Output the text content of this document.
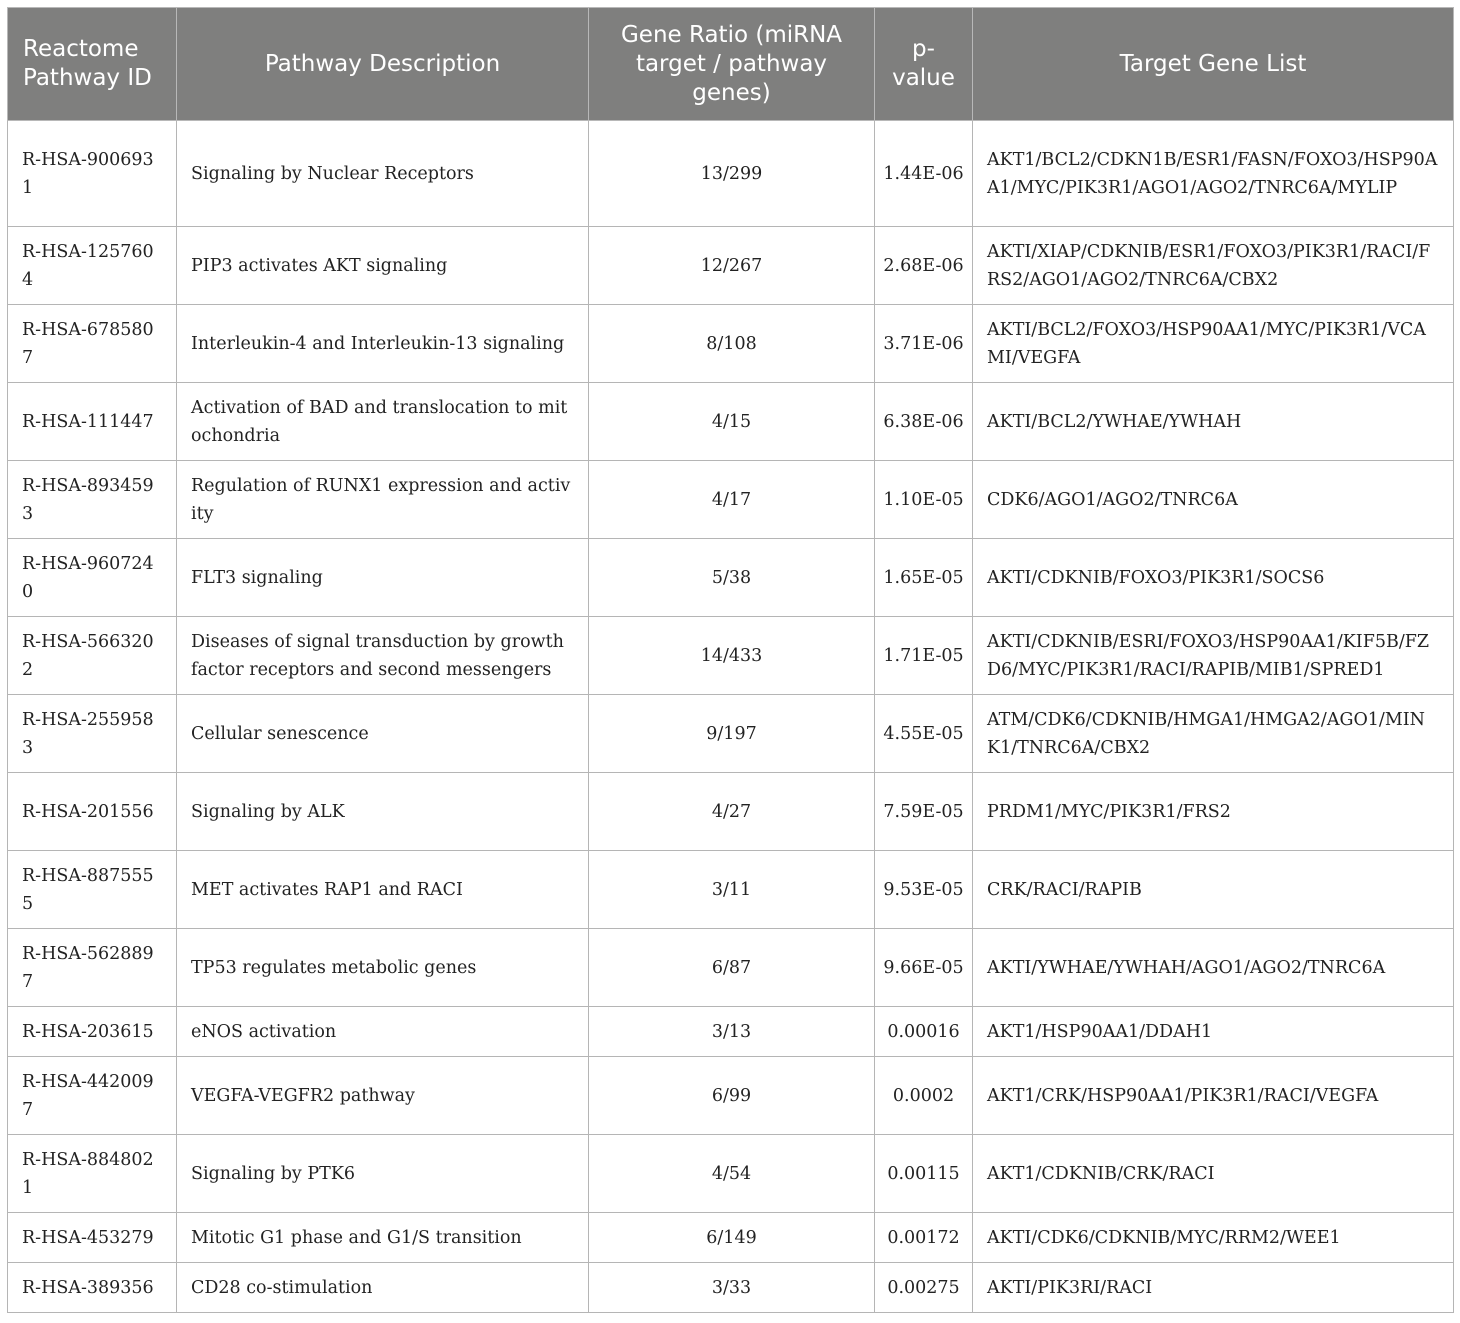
Reactome Pathway ID	Pathway Description	Gene Ratio (miRNA target / pathway genes)	p-value	Target Gene List
R-HSA-9006931	Signaling by Nuclear Receptors	13/299	1.44E-06	AKT1/BCL2/CDKN1B/ESR1/FASN/FOXO3/HSP90A A1/MYC/PIK3R1/AGO1/AGO2/TNRC6A/MYLIP
R-HSA-1257604	PIP3 activates AKT signaling	12/267	2.68E-06	AKTI/XIAP/CDKNIB/ESR1/FOXO3/PIK3R1/RACI/FRS2/AGO1/AGO2/TNRC6A/CBX2
R-HSA-6785807	Interleukin-4 and Interleukin-13 signaling	8/108	3.71E-06	AKTI/BCL2/FOXO3/HSP90AA1/MYC/PIK3R1/VCA MI/VEGFA
R-HSA-111447	Activation of BAD and translocation to mitochondria	4/15	6.38E-06	AKTI/BCL2/YWHAE/YWHAH
R-HSA-8934593	Regulation of RUNX1 expression and activity	4/17	1.10E-05	CDK6/AGO1/AGO2/TNRC6A
R-HSA-9607240	FLT3 signaling	5/38	1.65E-05	AKTI/CDKNIB/FOXO3/PIK3R1/SOCS6
R-HSA-5663202	Diseases of signal transduction by growth factor receptors and second messengers	14/433	1.71E-05	AKTI/CDKNIB/ESRI/FOXO3/HSP90AA1/KIF5B/FZD6/MYC/PIK3R1/RACI/RAPIB/MIB1/SPRED1
R-HSA-2559583	Cellular senescence	9/197	4.55E-05	ATM/CDK6/CDKNIB/HMGA1/HMGA2/AGO1/MIN K1/TNRC6A/CBX2
R-HSA-201556	Signaling by ALK	4/27	7.59E-05	PRDM1/MYC/PIK3R1/FRS2
R-HSA-8875555	MET activates RAP1 and RACI	3/11	9.53E-05	CRK/RACI/RAPIB
R-HSA-5628897	TP53 regulates metabolic genes	6/87	9.66E-05	AKTI/YWHAE/YWHAH/AGO1/AGO2/TNRC6A
R-HSA-203615	eNOS activation	3/13	0.00016	AKT1/HSP90AA1/DDAH1
R-HSA-4420097	VEGFA-VEGFR2 pathway	6/99	0.0002	AKT1/CRK/HSP90AA1/PIK3R1/RACI/VEGFA
R-HSA-8848021	Signaling by PTK6	4/54	0.00115	AKT1/CDKNIB/CRK/RACI
R-HSA-453279	Mitotic G1 phase and G1/S transition	6/149	0.00172	AKTI/CDK6/CDKNIB/MYC/RRM2/WEE1
R-HSA-389356	CD28 co-stimulation	3/33	0.00275	AKTI/PIK3RI/RACI
